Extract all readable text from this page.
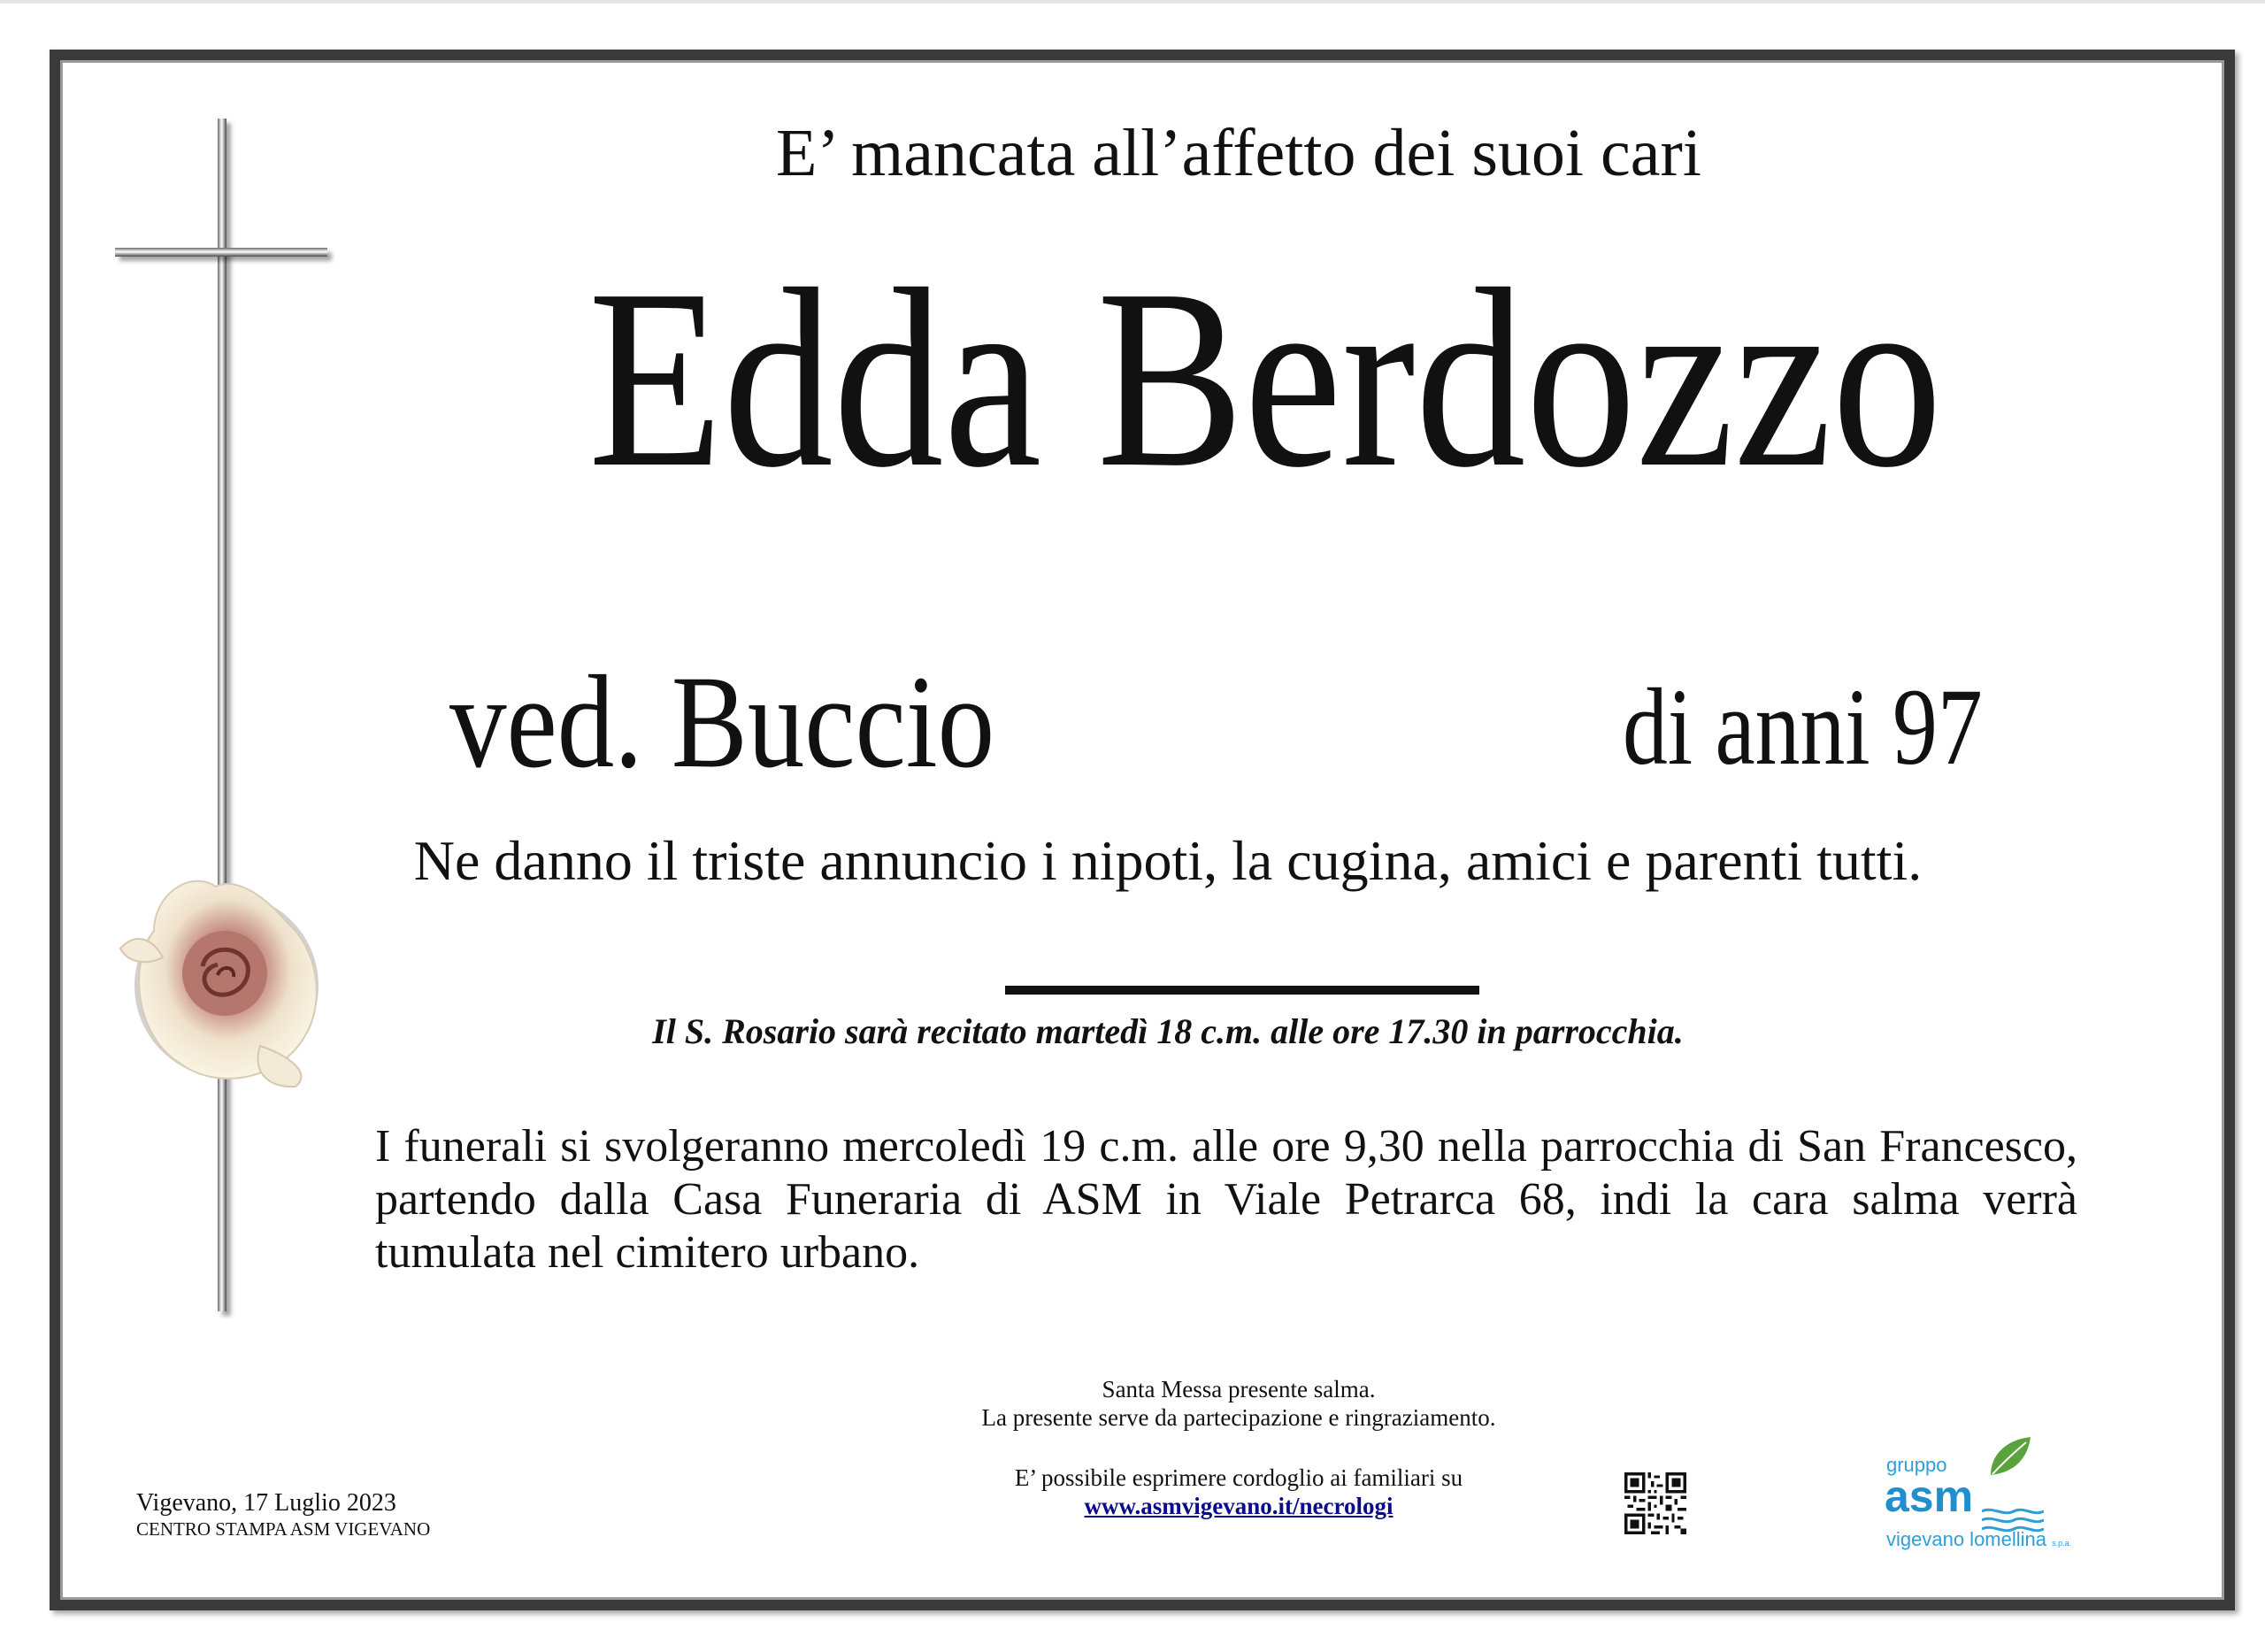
E’ mancata all’affetto dei suoi cari
Edda Berdozzo
ved. Buccio	di anni 97
Ne danno il triste annuncio i nipoti, la cugina, amici e parenti tutti.
Il S. Rosario sarà recitato martedì 18 c.m. alle ore 17.30 in parrocchia.
I funerali si svolgeranno mercoledì 19 c.m. alle ore 9,30 nella parrocchia di San Francesco, partendo dalla Casa Funeraria di ASM in Viale Petrarca 68, indi la cara salma verrà tumulata nel cimitero urbano.
Santa Messa presente salma.
La presente serve da partecipazione e ringraziamento.
E’ possibile esprimere cordoglio ai familiari su
www.asmvigevano.it/necrologi
Vigevano, 17 Luglio 2023
CENTRO STAMPA ASM VIGEVANO
gruppo
asm
vigevano lomellina s.p.a.
